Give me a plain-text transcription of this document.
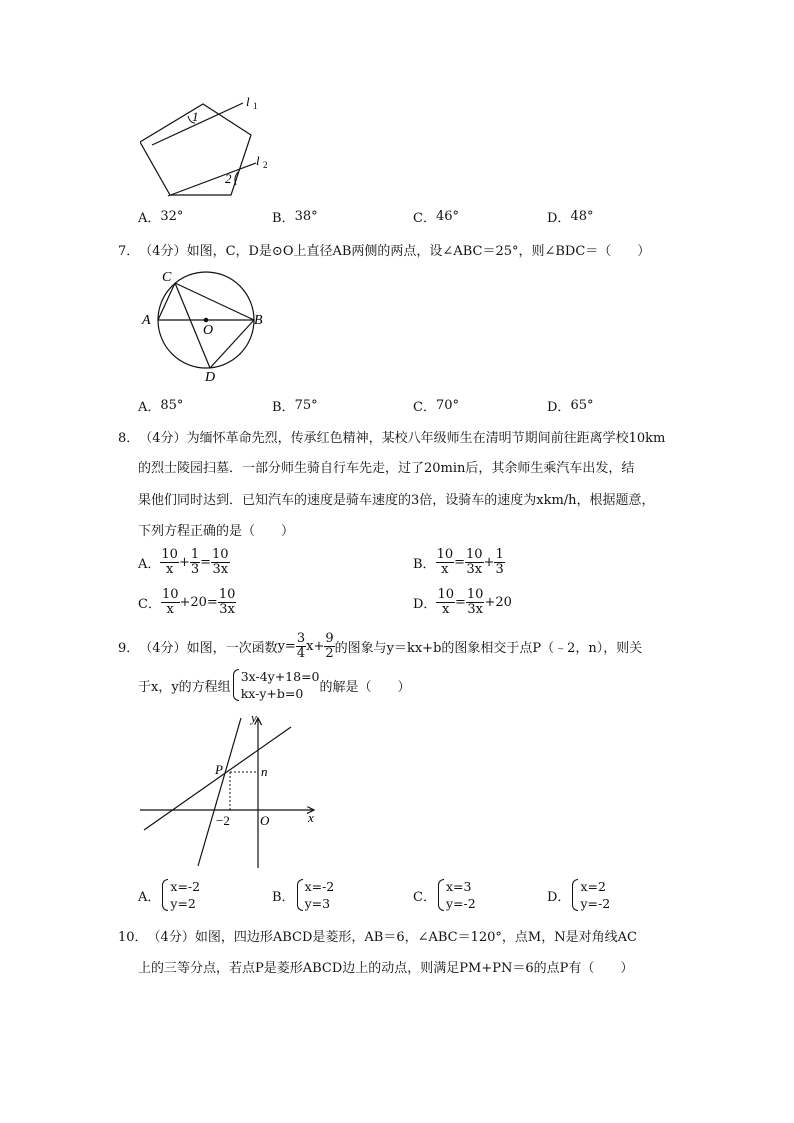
1
2
l 1
l 2
A． 32°	B． 38°	C． 46°	D． 48°
7． （4分） 如图，C，D是⊙O上直径AB两侧的两点，设∠ABC＝25°，则∠BDC＝（　　）
C
A
O
B
D
A． 85°	B． 75°	C． 70°	D． 65°
8． （4分） 为缅怀革命先烈，传承红色精神，某校八年级师生在清明节期间前往距离学校10km
的烈士陵园扫墓．一部分师生骑自行车先走，过了20min后，其余师生乘汽车出发，结
果他们同时达到．已知汽车的速度是骑车速度的3倍，设骑车的速度为xkm/h，根据题意，
下列方程正确的是（　　）
A． $\frac{10}{x} + \frac{1}{3} = \frac{10}{3x}$	B． $\frac{10}{x} = \frac{10}{3x} + \frac{1}{3}$
C． $\frac{10}{x} +20= \frac{10}{3x}$	D． $\frac{10}{x} = \frac{10}{3x} +20$
9． （4分） 如图，一次函数 $y= \frac{3}{4} x+ \frac{9}{2}$ 的图象与y＝kx+b的图象相交于点P（﹣2，n），则关
于x，y的方程组
3x-4y+18=0
kx-y+b=0	的解是（　　）
y
P	n
−2 O	x
A．
x=-2
y=2	B．
x=-2
y=3	C．
x=3
y=-2	D．
x=2
y=-2
10． （4分） 如图，四边形ABCD是菱形，AB＝6，∠ABC＝120°，点M，N是对角线AC
上的三等分点，若点P是菱形ABCD边上的动点，则满足PM+PN＝6的点P有（　　）
